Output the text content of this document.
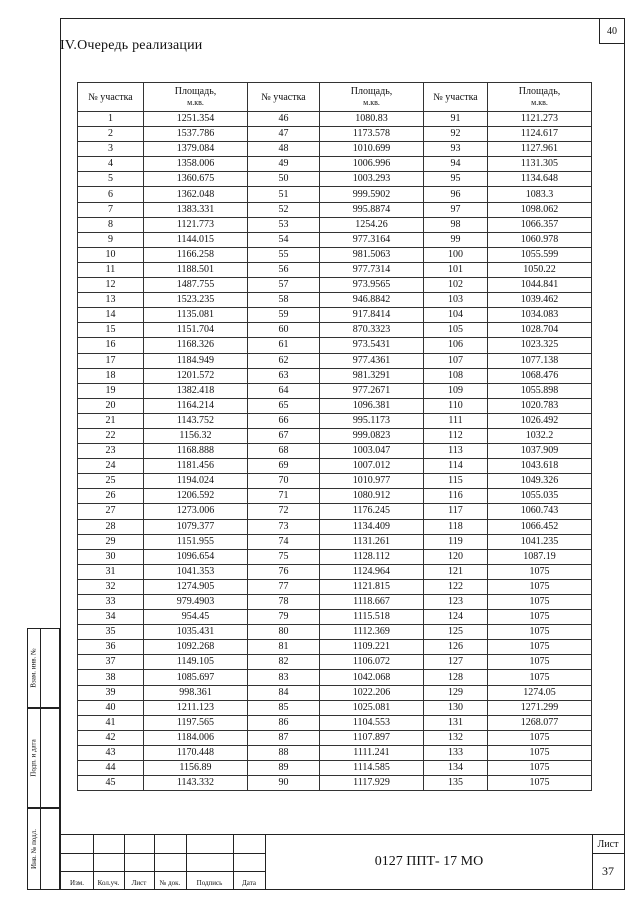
Взам. инв. №
Подп. и дата
Инв. № подл.
40
№ участка	Площадь,
м.кв.	№ участка	Площадь,
м.кв.	№ участка	Площадь,
м.кв.

1	1251.354	46	1080.83	91	1121.273
2	1537.786	47	1173.578	92	1124.617
3	1379.084	48	1010.699	93	1127.961
4	1358.006	49	1006.996	94	1131.305
5	1360.675	50	1003.293	95	1134.648
6	1362.048	51	999.5902	96	1083.3
7	1383.331	52	995.8874	97	1098.062
8	1121.773	53	1254.26	98	1066.357
9	1144.015	54	977.3164	99	1060.978
10	1166.258	55	981.5063	100	1055.599
11	1188.501	56	977.7314	101	1050.22
12	1487.755	57	973.9565	102	1044.841
13	1523.235	58	946.8842	103	1039.462
14	1135.081	59	917.8414	104	1034.083
15	1151.704	60	870.3323	105	1028.704
16	1168.326	61	973.5431	106	1023.325
17	1184.949	62	977.4361	107	1077.138
18	1201.572	63	981.3291	108	1068.476
19	1382.418	64	977.2671	109	1055.898
20	1164.214	65	1096.381	110	1020.783
21	1143.752	66	995.1173	111	1026.492
22	1156.32	67	999.0823	112	1032.2
23	1168.888	68	1003.047	113	1037.909
24	1181.456	69	1007.012	114	1043.618
25	1194.024	70	1010.977	115	1049.326
26	1206.592	71	1080.912	116	1055.035
27	1273.006	72	1176.245	117	1060.743
28	1079.377	73	1134.409	118	1066.452
29	1151.955	74	1131.261	119	1041.235
30	1096.654	75	1128.112	120	1087.19
31	1041.353	76	1124.964	121	1075
32	1274.905	77	1121.815	122	1075
33	979.4903	78	1118.667	123	1075
34	954.45	79	1115.518	124	1075
35	1035.431	80	1112.369	125	1075
36	1092.268	81	1109.221	126	1075
37	1149.105	82	1106.072	127	1075
38	1085.697	83	1042.068	128	1075
39	998.361	84	1022.206	129	1274.05
40	1211.123	85	1025.081	130	1271.299
41	1197.565	86	1104.553	131	1268.077
42	1184.006	87	1107.897	132	1075
43	1170.448	88	1111.241	133	1075
44	1156.89	89	1114.585	134	1075
45	1143.332	90	1117.929	135	1075
Изм.	Кол.уч.	Лист	№ док.	Подпись	Дата
0127 ППТ- 17 МО
Лист
37
IV.Очередь реализации
